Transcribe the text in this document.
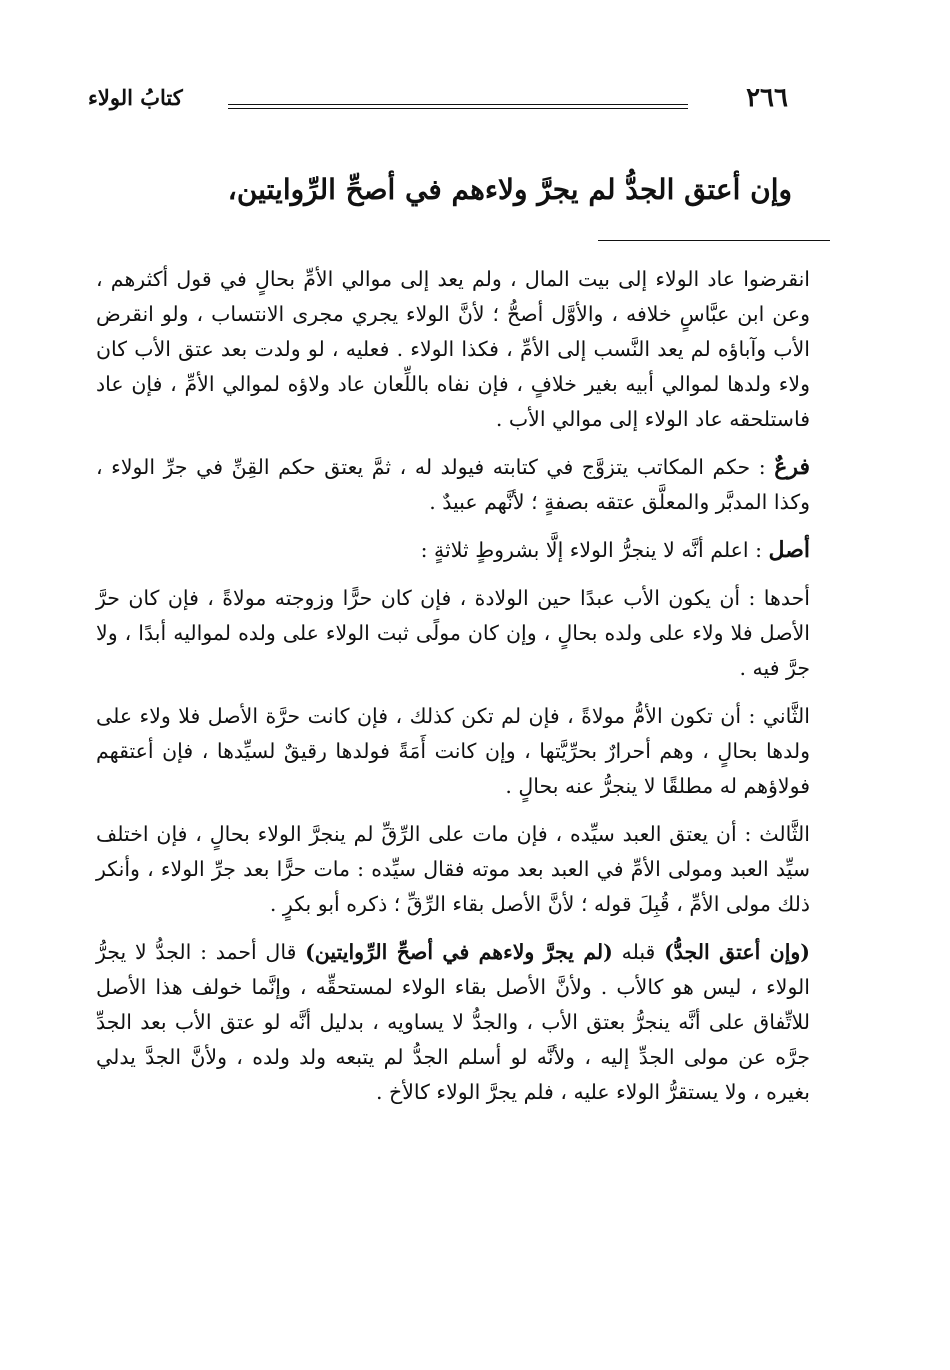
كتابُ الولاء	٢٦٦
وإن أعتق الجدُّ لم يجرَّ ولاءهم في أصحِّ الرِّوايتين،

انقرضوا عاد الولاء إلى بيت المال ، ولم يعد إلى موالي الأمِّ بحالٍ في قول أكثرهم ، وعن ابن عبَّاسٍ خلافه ، والأوَّل أصحُّ ؛ لأنَّ الولاء يجري مجرى الانتساب ، ولو انقرض الأب وآباؤه لم يعد النَّسب إلى الأمِّ ، فكذا الولاء . فعليه ، لو ولدت بعد عتق الأب كان ولاء ولدها لموالي أبيه بغير خلافٍ ، فإن نفاه باللِّعان عاد ولاؤه لموالي الأمِّ ، فإن عاد فاستلحقه عاد الولاء إلى موالي الأب .

فرعٌ : حكم المكاتب يتزوَّج في كتابته فيولد له ، ثمَّ يعتق حكم القِنِّ في جرِّ الولاء ، وكذا المدبَّر والمعلَّق عتقه بصفةٍ ؛ لأنَّهم عبيدٌ .

أصل : اعلم أنَّه لا ينجرُّ الولاء إلَّا بشروطٍ ثلاثةٍ :

أحدها : أن يكون الأب عبدًا حين الولادة ، فإن كان حرًّا وزوجته مولاةً ، فإن كان حرَّ الأصل فلا ولاء على ولده بحالٍ ، وإن كان مولًى ثبت الولاء على ولده لمواليه أبدًا ، ولا جرَّ فيه .

الثَّاني : أن تكون الأمُّ مولاةً ، فإن لم تكن كذلك ، فإن كانت حرَّة الأصل فلا ولاء على ولدها بحالٍ ، وهم أحرارٌ بحرِّيَّتها ، وإن كانت أَمَةً فولدها رقيقٌ لسيِّدها ، فإن أعتقهم فولاؤهم له مطلقًا لا ينجرُّ عنه بحالٍ .

الثَّالث : أن يعتق العبد سيِّده ، فإن مات على الرِّقِّ لم ينجرَّ الولاء بحالٍ ، فإن اختلف سيِّد العبد ومولى الأمِّ في العبد بعد موته فقال سيِّده : مات حرًّا بعد جرِّ الولاء ، وأنكر ذلك مولى الأمِّ ، قُبِلَ قوله ؛ لأنَّ الأصل بقاء الرِّقِّ ؛ ذكره أبو بكرٍ .

(وإن أعتق الجدُّ) قبله (لم يجرَّ ولاءهم في أصحِّ الرِّوايتين) قال أحمد : الجدُّ لا يجرُّ الولاء ، ليس هو كالأب . ولأنَّ الأصل بقاء الولاء لمستحقِّه ، وإنَّما خولف هذا الأصل للاتِّفاق على أنَّه ينجرُّ بعتق الأب ، والجدُّ لا يساويه ، بدليل أنَّه لو عتق الأب بعد الجدِّ جرَّه عن مولى الجدِّ إليه ، ولأنَّه لو أسلم الجدُّ لم يتبعه ولد ولده ، ولأنَّ الجدَّ يدلي بغيره ، ولا يستقرُّ الولاء عليه ، فلم يجرَّ الولاء كالأخ .
